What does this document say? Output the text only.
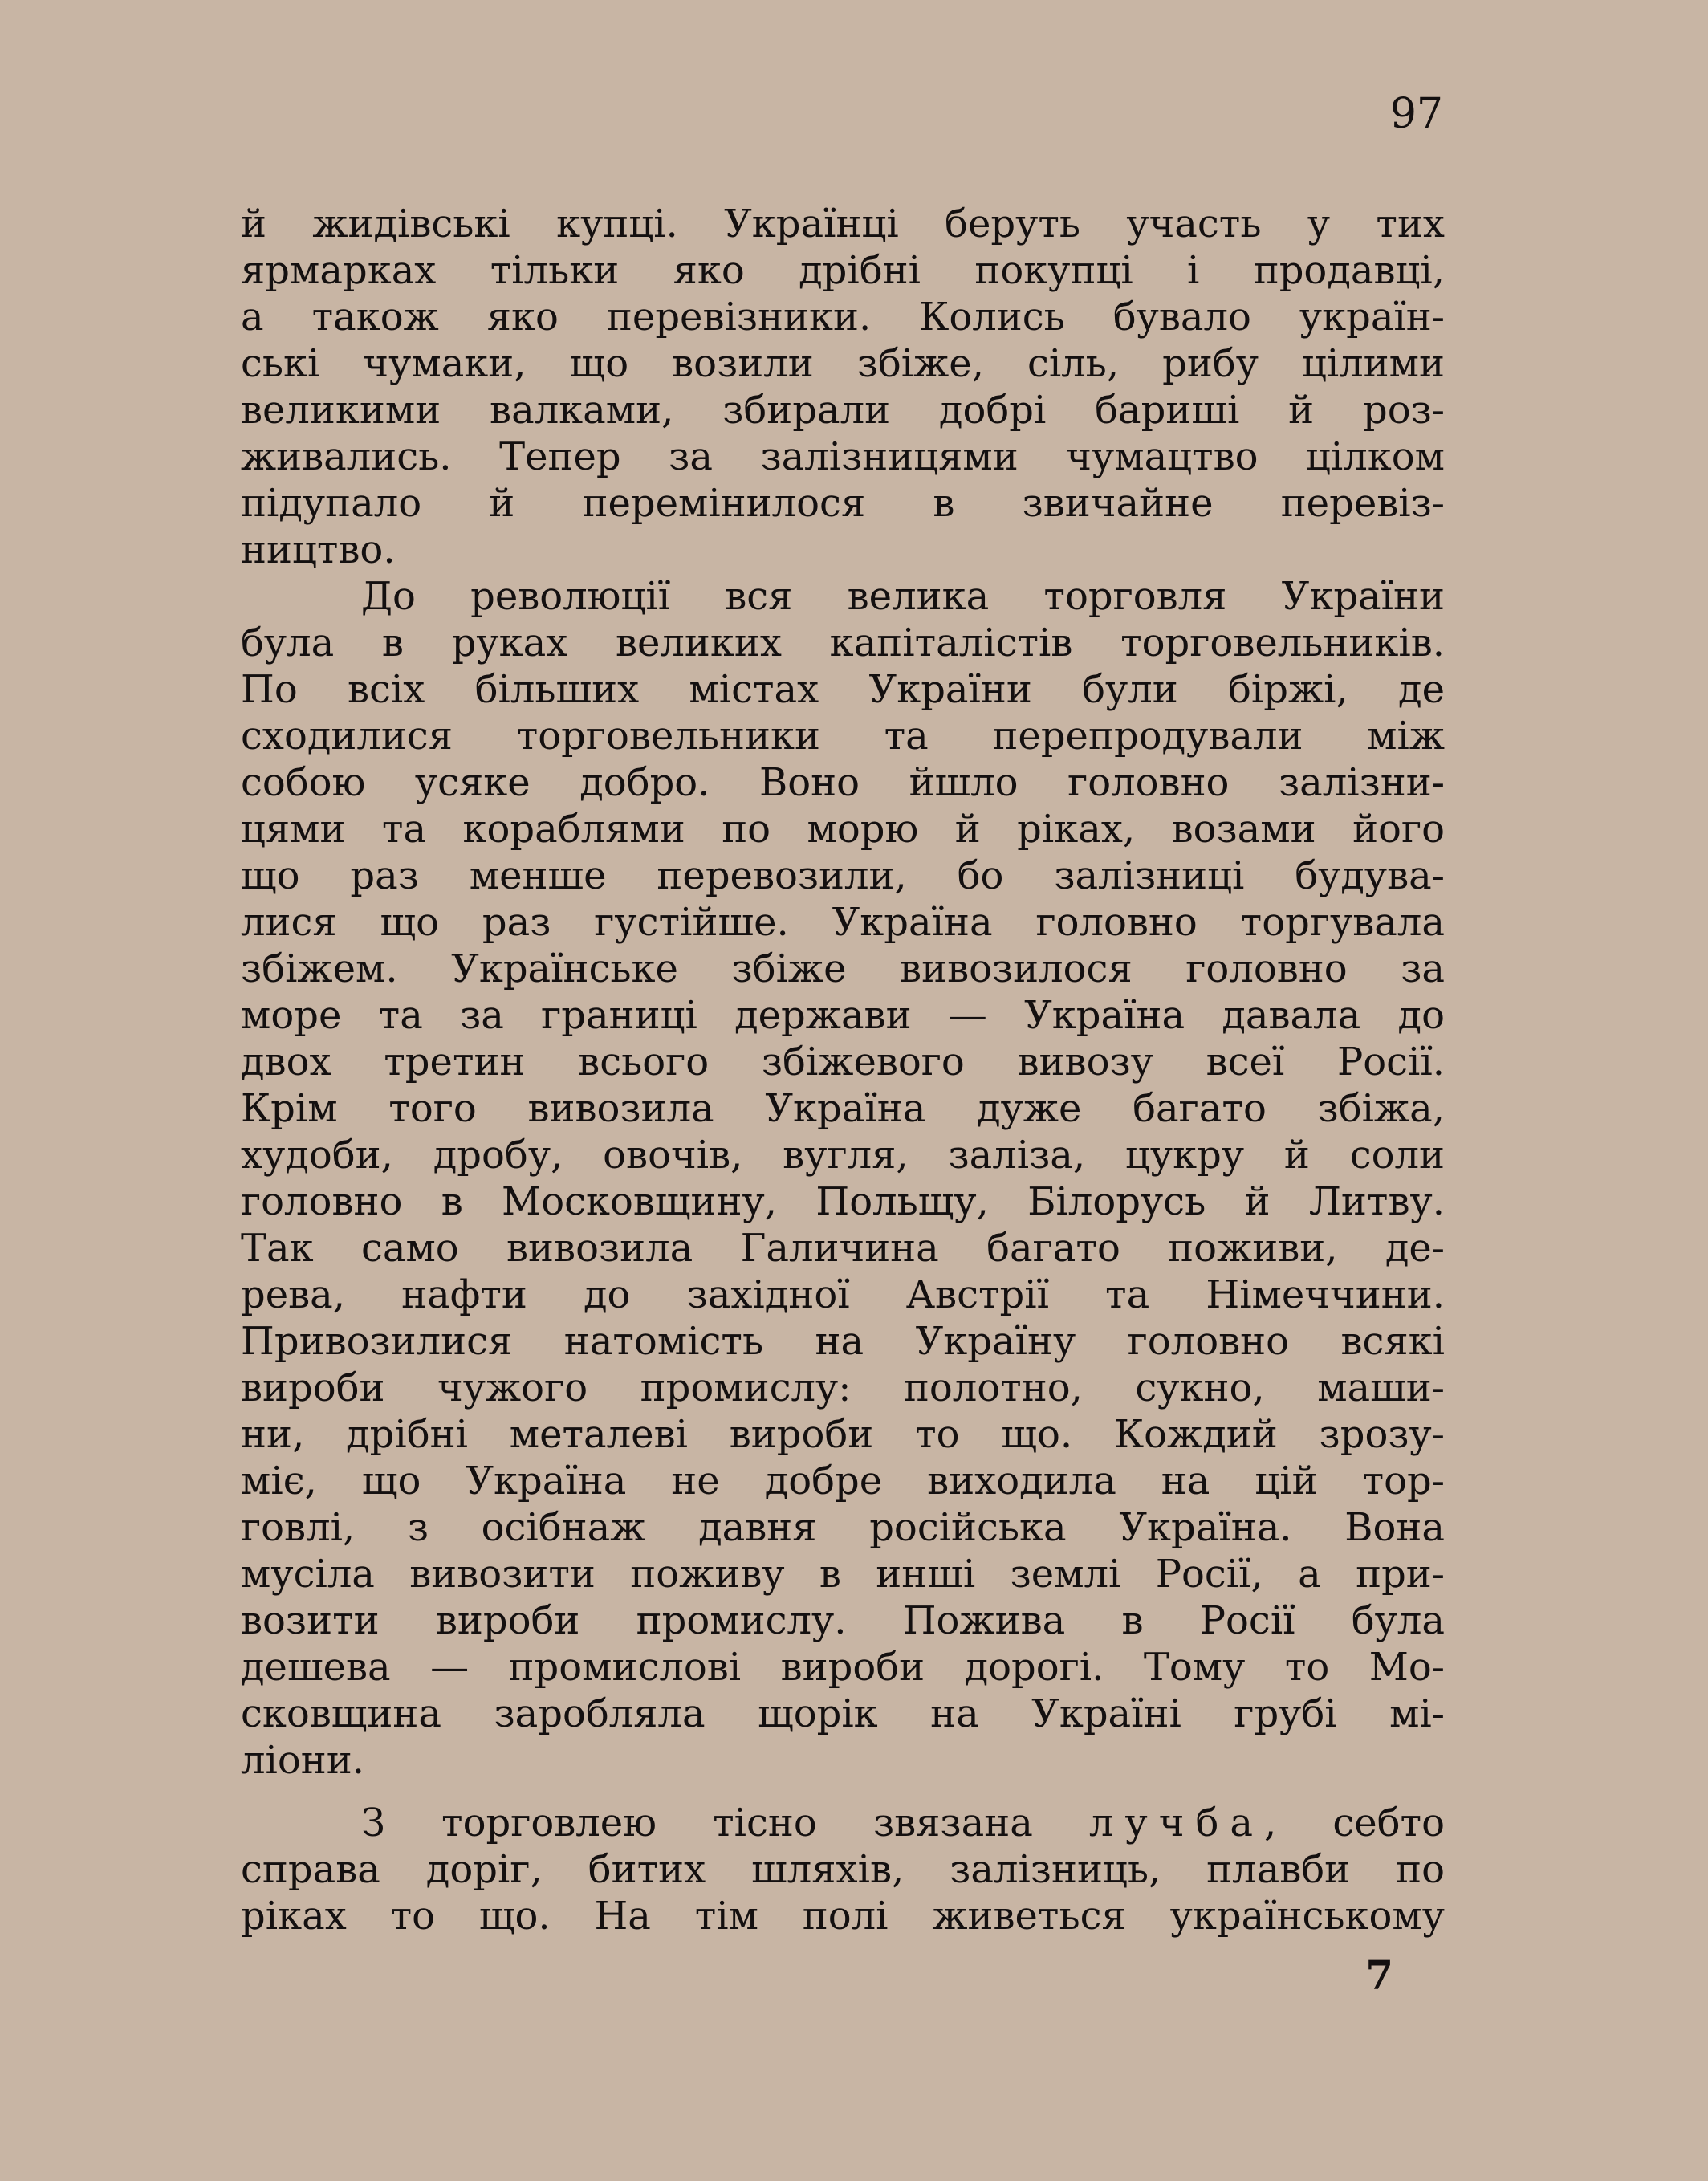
97
й жидівські купці. Українці беруть участь у тих
ярмарках тільки яко дрібні покупці і продавці,
а також яко перевізники. Колись бувало україн-
ські чумаки, що возили збіже, сіль, рибу цілими
великими валками, збирали добрі бариші й роз-
живались. Тепер за залізницями чумацтво цілком
підупало й перемінилося в звичайне перевіз-
ництво.
До революції вся велика торговля України
була в руках великих капіталістів торговельників.
По всіх більших містах України були біржі, де
сходилися торговельники та перепродували між
собою усяке добро. Воно йшло головно залізни-
цями та кораблями по морю й ріках, возами його
що раз менше перевозили, бо залізниці будува-
лися що раз густійше. Україна головно торгувала
збіжем. Українське збіже вивозилося головно за
море та за границі держави — Україна давала до
двох третин всього збіжевого вивозу всеї Росії.
Крім того вивозила Україна дуже багато збіжа,
худоби, дробу, овочів, вугля, заліза, цукру й соли
головно в Московщину, Польщу, Білорусь й Литву.
Так само вивозила Галичина багато поживи, де-
рева, нафти до західної Австрії та Німеччини.
Привозилися натомість на Україну головно всякі
вироби чужого промислу: полотно, сукно, маши-
ни, дрібні металеві вироби то що. Кождий зрозу-
міє, що Україна не добре виходила на цій тор-
говлі, з осібнаж давня російська Україна. Вона
мусіла вивозити поживу в инші землі Росії, а при-
возити вироби промислу. Пожива в Росії була
дешева — промислові вироби дорогі. Тому то Мо-
сковщина заробляла щорік на Україні грубі мі-
ліони.
З торговлею тісно звязана лучба, себто
справа доріг, битих шляхів, залізниць, плавби по
ріках то що. На тім полі живеться українському
7
